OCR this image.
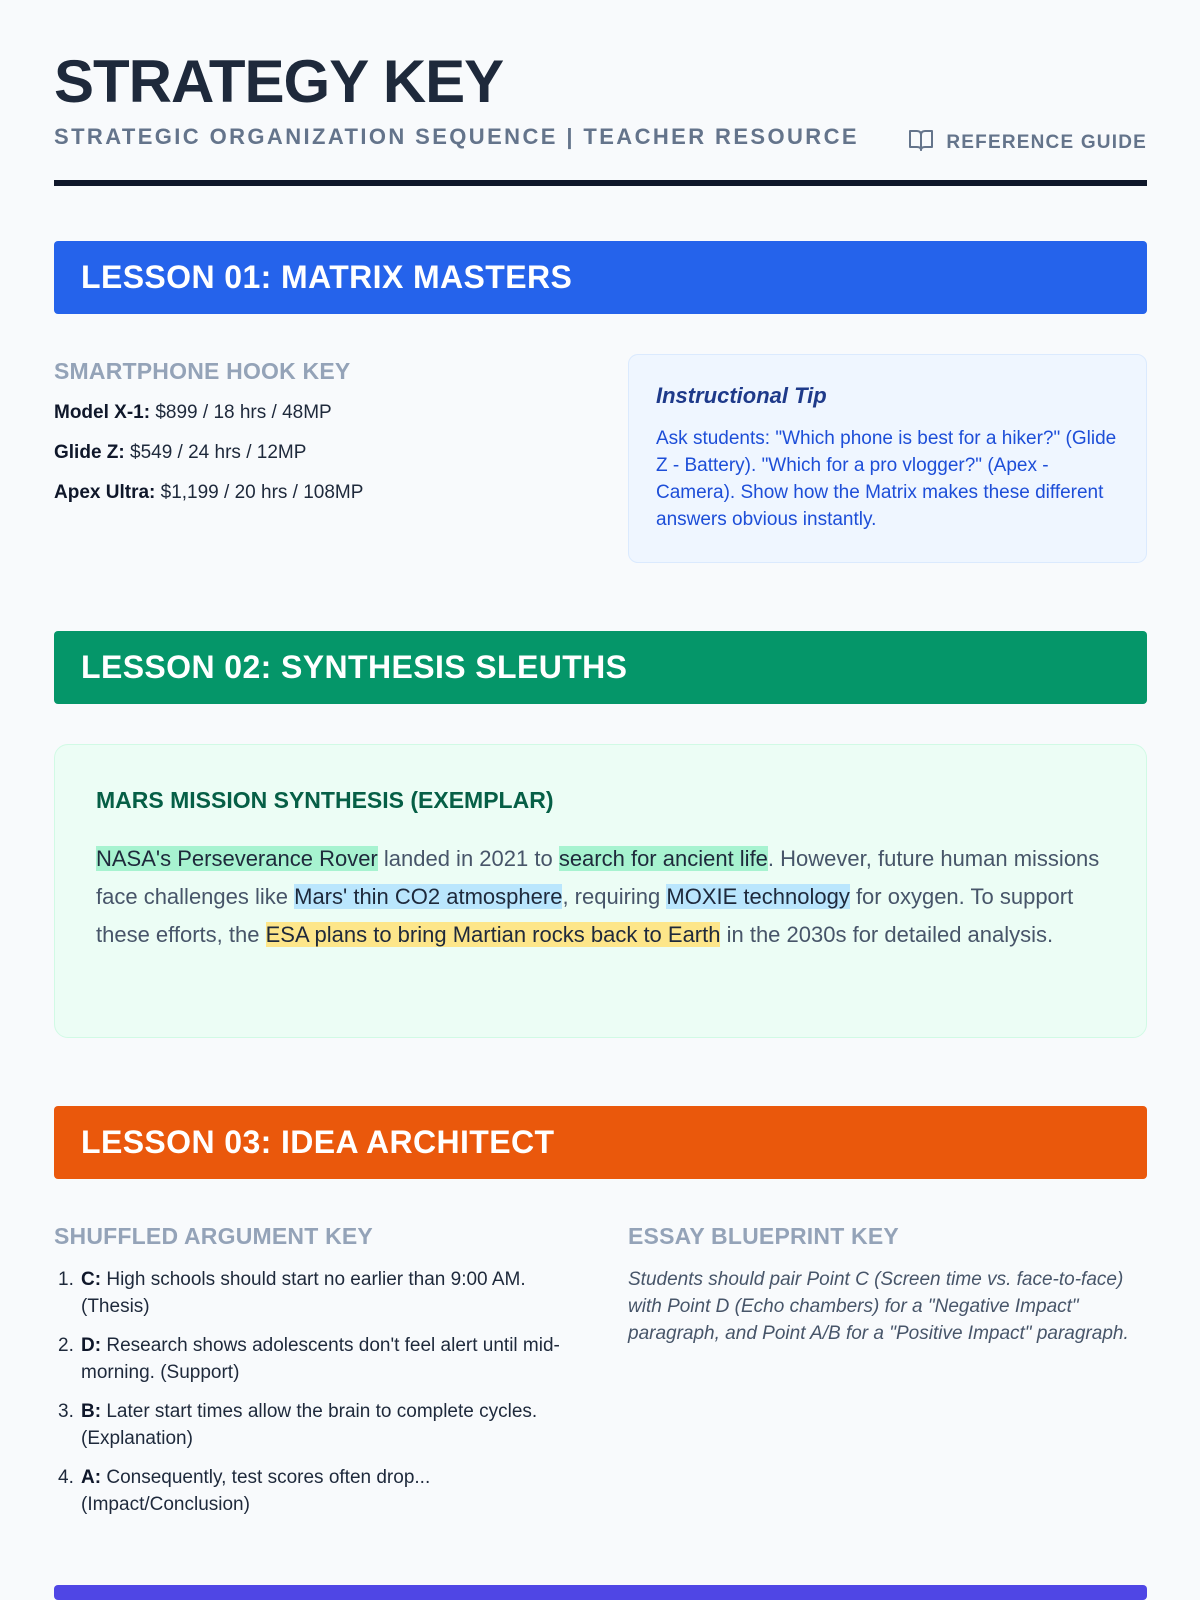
STRATEGY KEY
STRATEGIC ORGANIZATION SEQUENCE | TEACHER RESOURCE	REFERENCE GUIDE
LESSON 01: MATRIX MASTERS
SMARTPHONE HOOK KEY
Model X-1: $899 / 18 hrs / 48MP
Glide Z: $549 / 24 hrs / 12MP
Apex Ultra: $1,199 / 20 hrs / 108MP
Instructional Tip
Ask students: "Which phone is best for a hiker?" (Glide Z - Battery). "Which for a pro vlogger?" (Apex - Camera). Show how the Matrix makes these different answers obvious instantly.
LESSON 02: SYNTHESIS SLEUTHS
MARS MISSION SYNTHESIS (EXEMPLAR)
NASA's Perseverance Rover landed in 2021 to search for ancient life. However, future human missions face challenges like Mars' thin CO2 atmosphere, requiring MOXIE technology for oxygen. To support these efforts, the ESA plans to bring Martian rocks back to Earth in the 2030s for detailed analysis.
LESSON 03: IDEA ARCHITECT
SHUFFLED ARGUMENT KEY	ESSAY BLUEPRINT KEY
1. C: High schools should start no earlier than 9:00 AM. (Thesis)
2. D: Research shows adolescents don't feel alert until mid-morning. (Support)
3. B: Later start times allow the brain to complete cycles. (Explanation)
4. A: Consequently, test scores often drop... (Impact/Conclusion)
Students should pair Point C (Screen time vs. face-to-face) with Point D (Echo chambers) for a "Negative Impact" paragraph, and Point A/B for a "Positive Impact" paragraph.
